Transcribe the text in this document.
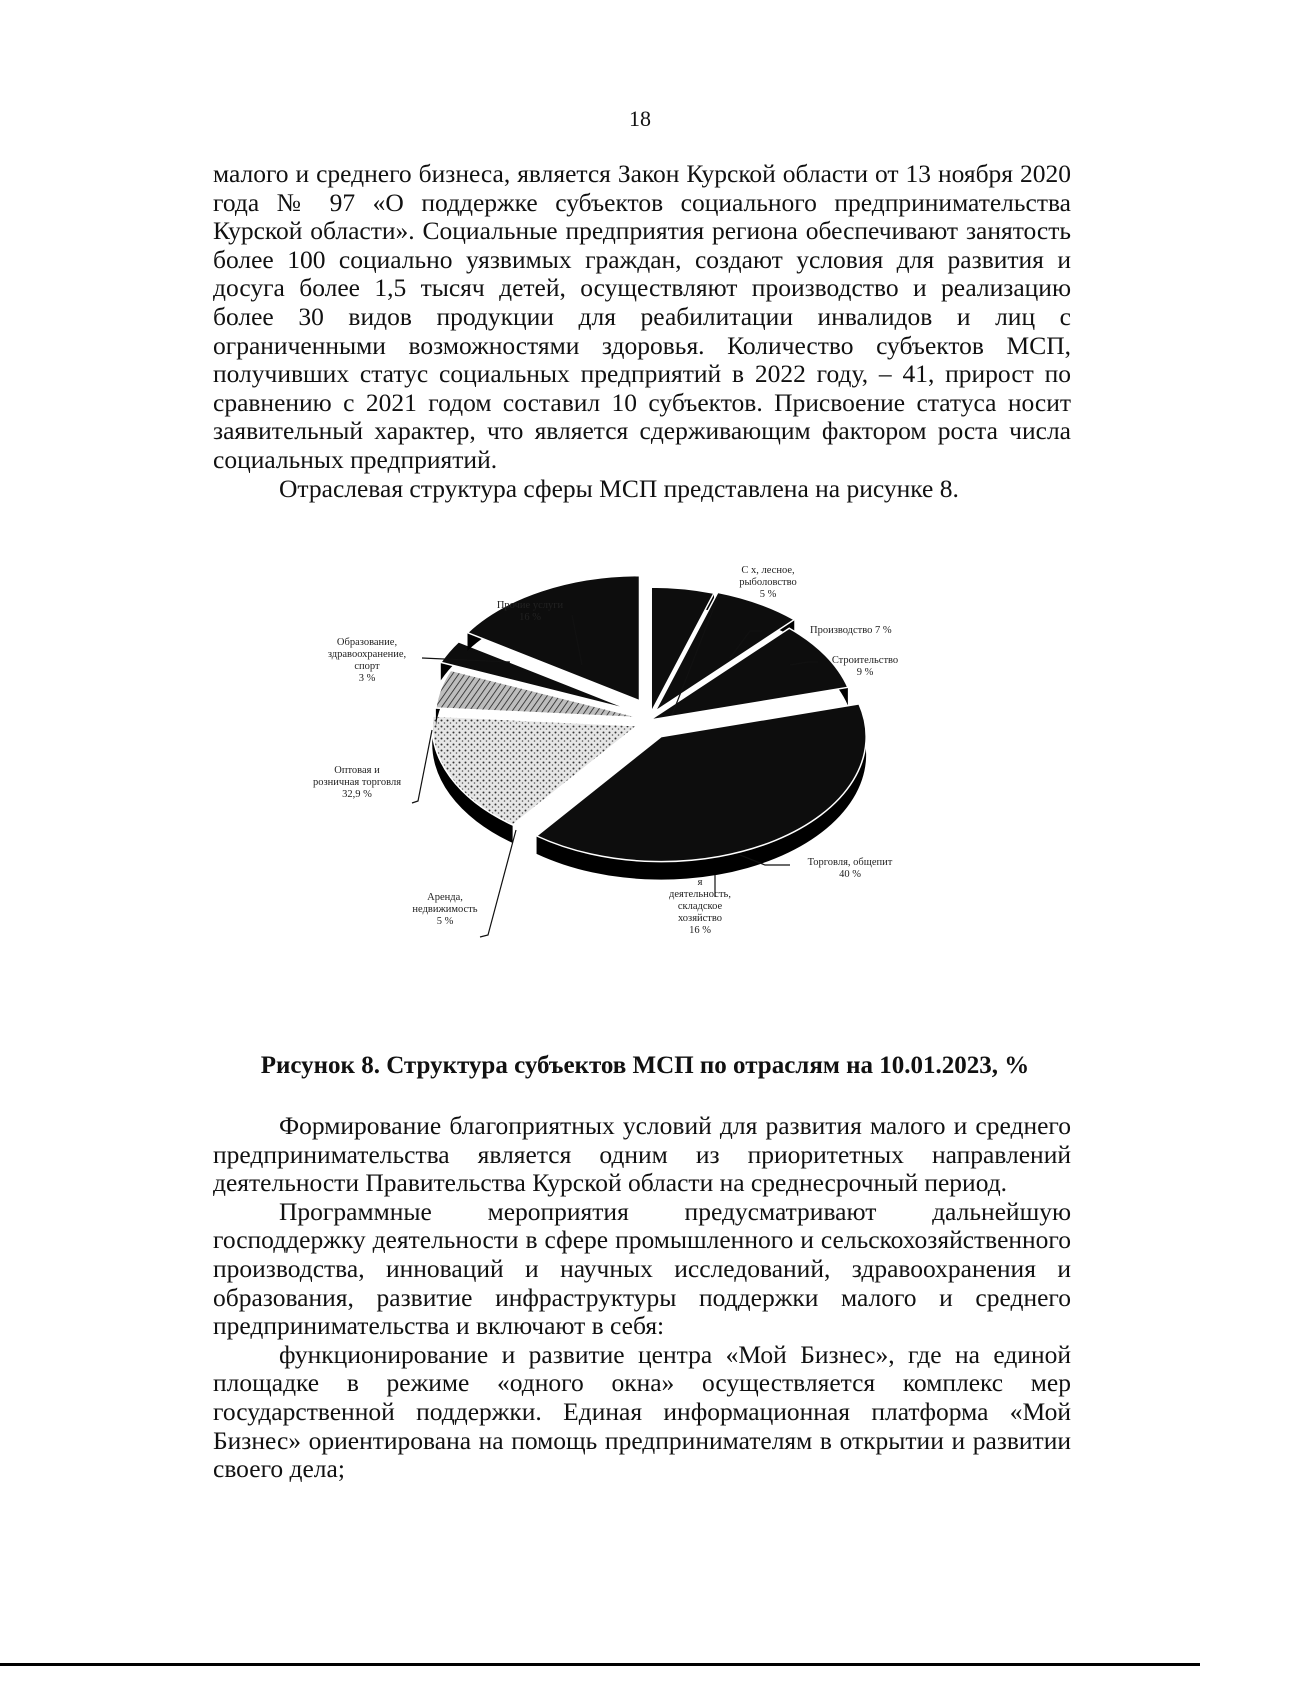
18

малого и среднего бизнеса, является Закон Курской области от 13 ноября 2020 года № 97 «О поддержке субъектов социального предпринимательства Курской области». Социальные предприятия региона обеспечивают занятость более 100 социально уязвимых граждан, создают условия для развития и досуга более 1,5 тысяч детей, осуществляют производство и реализацию более 30 видов продукции для реабилитации инвалидов и лиц с ограниченными возможностями здоровья. Количество субъектов МСП, получивших статус социальных предприятий в 2022 году, – 41, прирост по сравнению с 2021 годом составил 10 субъектов. Присвоение статуса носит заявительный характер, что является сдерживающим фактором роста числа социальных предприятий.

Отраслевая структура сферы МСП представлена на рисунке 8.

С х, лесное, рыболовство 5 %
Производство 7 %
Строительство 9 %
Торговля, общепит 40 %
я деятельность, складское хозяйство 16 %
Аренда, недвижимость 5 %
Оптовая и розничная торговля 32,9 %
Образование, здравоохранение, спорт 3 %
Прочие услуги 16 %
Рисунок 8. Структура субъектов МСП по отраслям на 10.01.2023, %

Формирование благоприятных условий для развития малого и среднего предпринимательства является одним из приоритетных направлений деятельности Правительства Курской области на среднесрочный период.

Программные мероприятия предусматривают дальнейшую господдержку деятельности в сфере промышленного и сельскохозяйственного производства, инноваций и научных исследований, здравоохранения и образования, развитие инфраструктуры поддержки малого и среднего предпринимательства и включают в себя:

функционирование и развитие центра «Мой Бизнес», где на единой площадке в режиме «одного окна» осуществляется комплекс мер государственной поддержки. Единая информационная платформа «Мой Бизнес» ориентирована на помощь предпринимателям в открытии и развитии своего дела;
